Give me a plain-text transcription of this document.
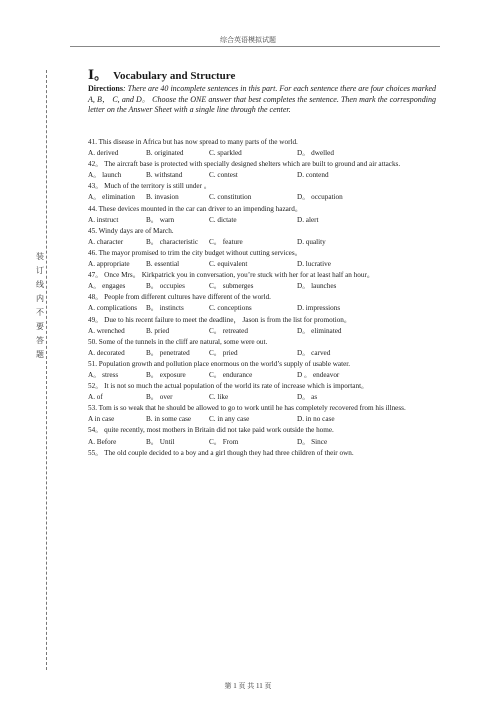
综合英语模拟试题
装
订
线
内
不
要
答
题
Ⅰ。 Vocabulary and Structure
Directions: There are 40 incomplete sentences in this part. For each sentence there are four choices marked A, B， C, and D。 Choose the ONE answer that best completes the sentence. Then mark the corresponding letter on the Answer Sheet with a single line through the center.
41. This disease in Africa but has now spread to many parts of the world.
A. derived	B. originated	C. sparkled	D。 dwelled
42。 The aircraft base is protected with specially designed shelters which are built to ground and air attacks.
A。 launch	B. withstand	C. contest	D. contend
43。 Much of the territory is still under 。
A。 elimination	B. invasion	C. constitution	D。 occupation
44. These devices mounted in the car can driver to an impending hazard。
A. instruct	B。 warn	C. dictate	D. alert
45. Windy days are of March.
A. character	B。 characteristic	C。 feature	D. quality
46. The mayor promised to trim the city budget without cutting services。
A. appropriate	B. essential	C. equivalent	D. lucrative
47。 Once Mrs。 Kirkpatrick you in conversation, you’re stuck with her for at least half an hour。
A。 engages	B。 occupies	C。 submerges	D。 launches
48。 People from different cultures have different of the world.
A. complications	B。 instincts	C. conceptions	D. impressions
49。 Due to his recent failure to meet the deadline， Jason is from the list for promotion。
A. wrenched	B. pried	C。 retreated	D。 eliminated
50. Some of the tunnels in the cliff are natural, some were out.
A. decorated	B。 penetrated	C。 pried	D。 carved
51. Population growth and pollution place enormous on the world’s supply of usable water.
A。 stress	B。 exposure	C。 endurance	D 。 endeavor
52。 It is not so much the actual population of the world its rate of increase which is important。
A. of	B。 over	C. like	D。 as
53. Tom is so weak that he should be allowed to go to work until he has completely recovered from his illness.
A in case	B. in some case	C. in any case	D. in no case
54。 quite recently, most mothers in Britain did not take paid work outside the home.
A. Before	B。 Until	C。 From	D。 Since
55。 The old couple decided to a boy and a girl though they had three children of their own.
第 1 页 共 11 页
